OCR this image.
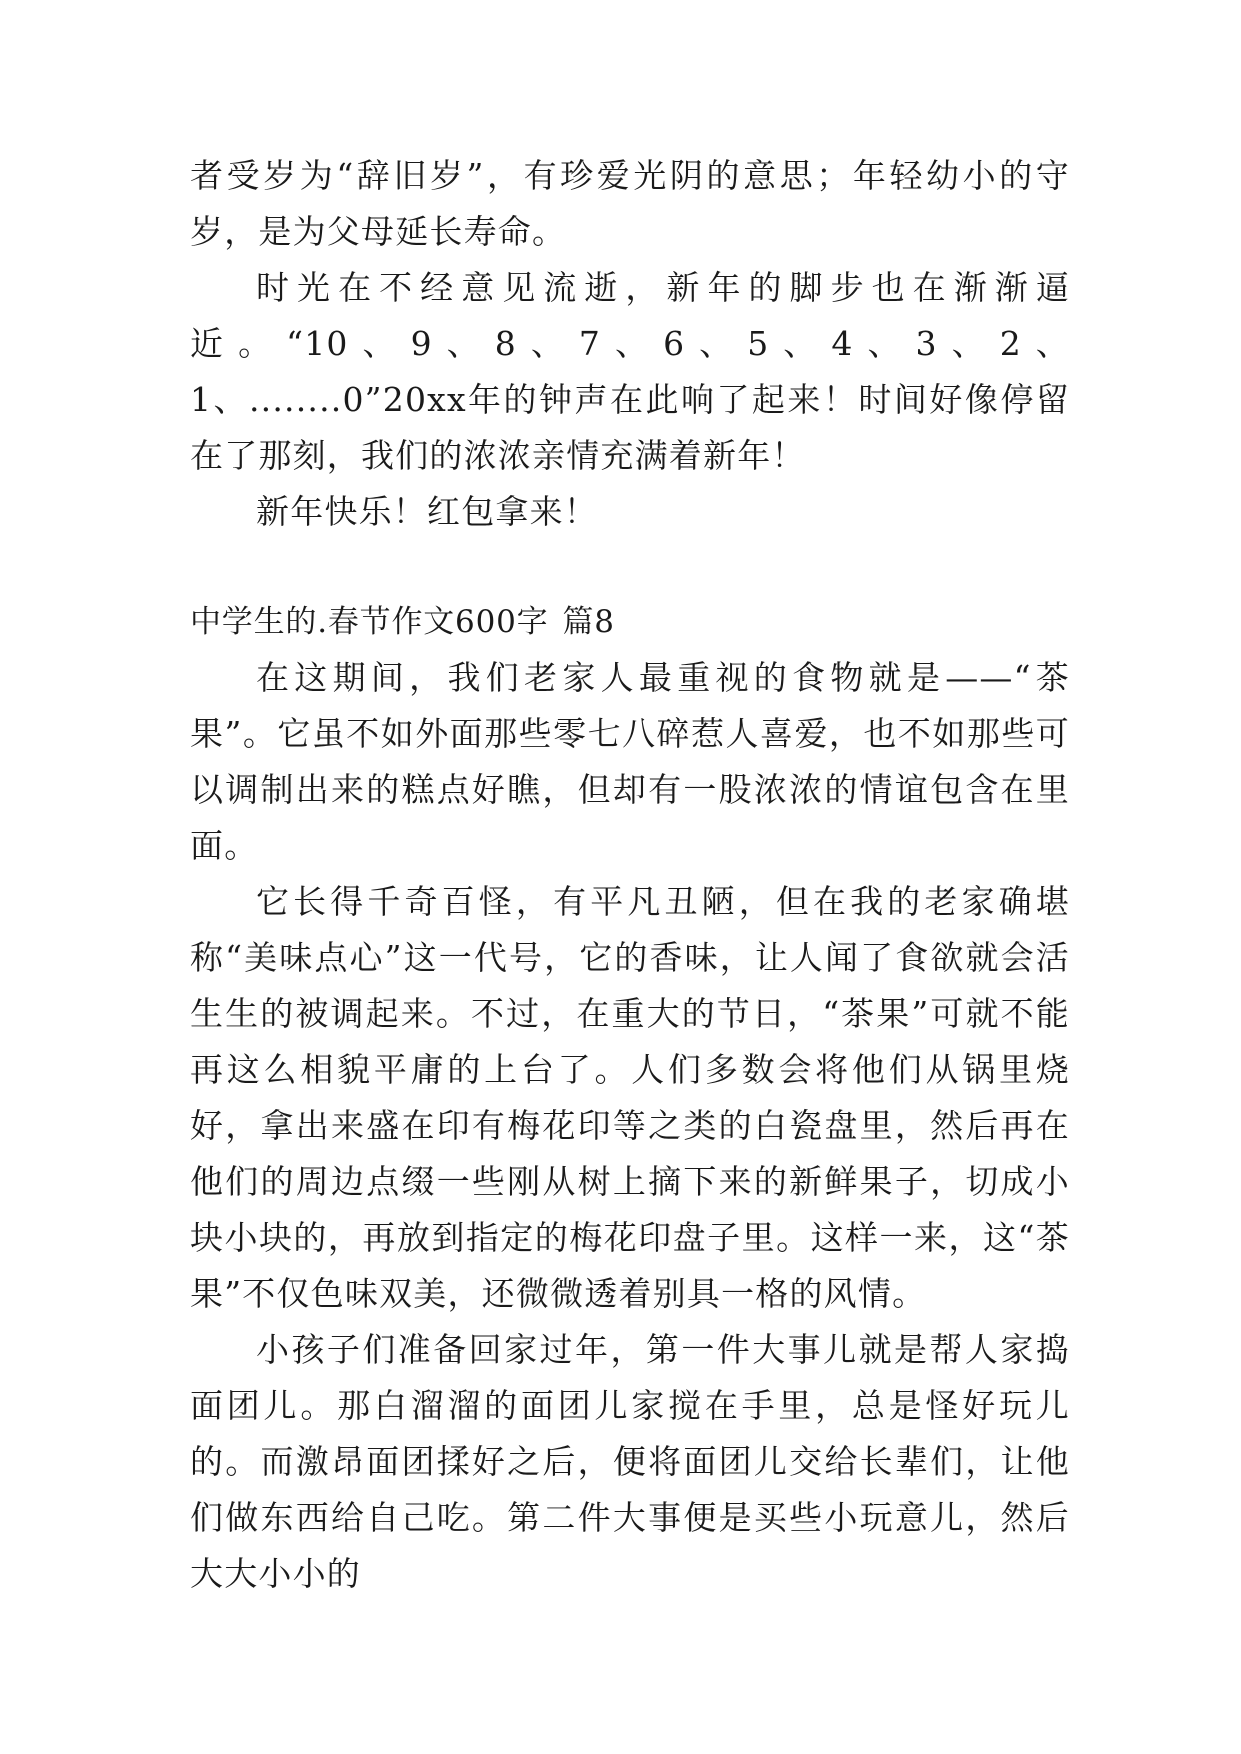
者受岁为“辞旧岁”，有珍爱光阴的意思；年轻幼小的守岁，是为父母延长寿命。

时光在不经意见流逝，新年的脚步也在渐渐逼近。“10、9、8、7、6、5、4、3、2、1、........0”20xx年的钟声在此响了起来！时间好像停留在了那刻，我们的浓浓亲情充满着新年！

新年快乐！红包拿来！

中学生的.春节作文600字 篇8

在这期间，我们老家人最重视的食物就是——“茶果”。它虽不如外面那些零七八碎惹人喜爱，也不如那些可以调制出来的糕点好瞧，但却有一股浓浓的情谊包含在里面。

它长得千奇百怪，有平凡丑陋，但在我的老家确堪称“美味点心”这一代号，它的香味，让人闻了食欲就会活生生的被调起来。不过，在重大的节日，“茶果”可就不能再这么相貌平庸的上台了。人们多数会将他们从锅里烧好，拿出来盛在印有梅花印等之类的白瓷盘里，然后再在他们的周边点缀一些刚从树上摘下来的新鲜果子，切成小块小块的，再放到指定的梅花印盘子里。这样一来，这“茶果”不仅色味双美，还微微透着别具一格的风情。

小孩子们准备回家过年，第一件大事儿就是帮人家捣面团儿。那白溜溜的面团儿家搅在手里，总是怪好玩儿的。而激昂面团揉好之后，便将面团儿交给长辈们，让他们做东西给自己吃。第二件大事便是买些小玩意儿，然后大大小小的
